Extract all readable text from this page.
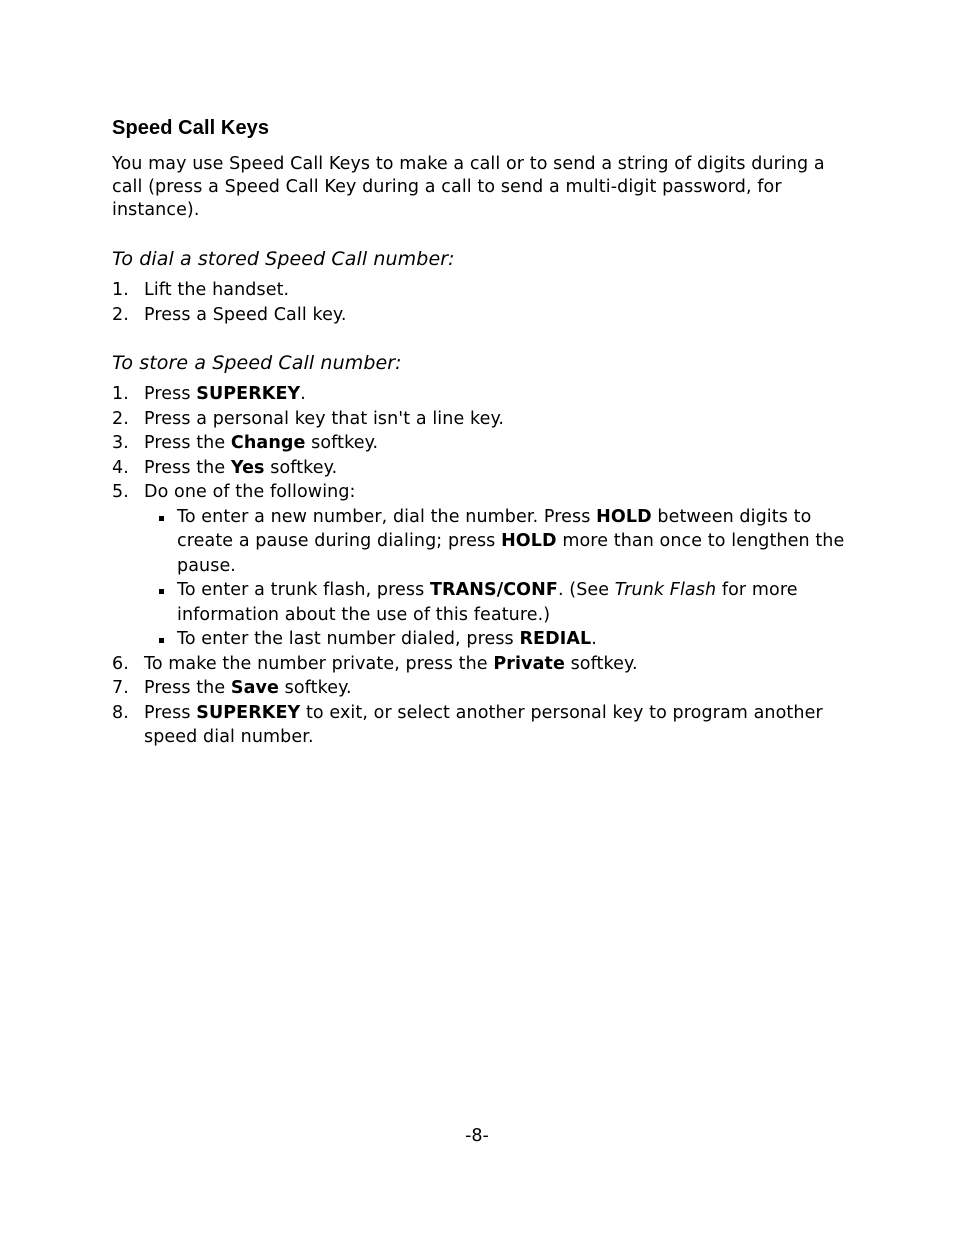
Speed Call Keys

You may use Speed Call Keys to make a call or to send a string of digits during a call (press a Speed Call Key during a call to send a multi-digit password, for instance).

To dial a stored Speed Call number:
1. Lift the handset.
2. Press a Speed Call key.
To store a Speed Call number:
1. Press SUPERKEY.
2. Press a personal key that isn't a line key.
3. Press the Change softkey.
4. Press the Yes softkey.
5. Do one of the following:
To enter a new number, dial the number. Press HOLD between digits to create a pause during dialing; press HOLD more than once to lengthen the pause.
To enter a trunk flash, press TRANS/CONF. (See Trunk Flash for more information about the use of this feature.)
To enter the last number dialed, press REDIAL.
6. To make the number private, press the Private softkey.
7. Press the Save softkey.
8. Press SUPERKEY to exit, or select another personal key to program another speed dial number.
-8-
